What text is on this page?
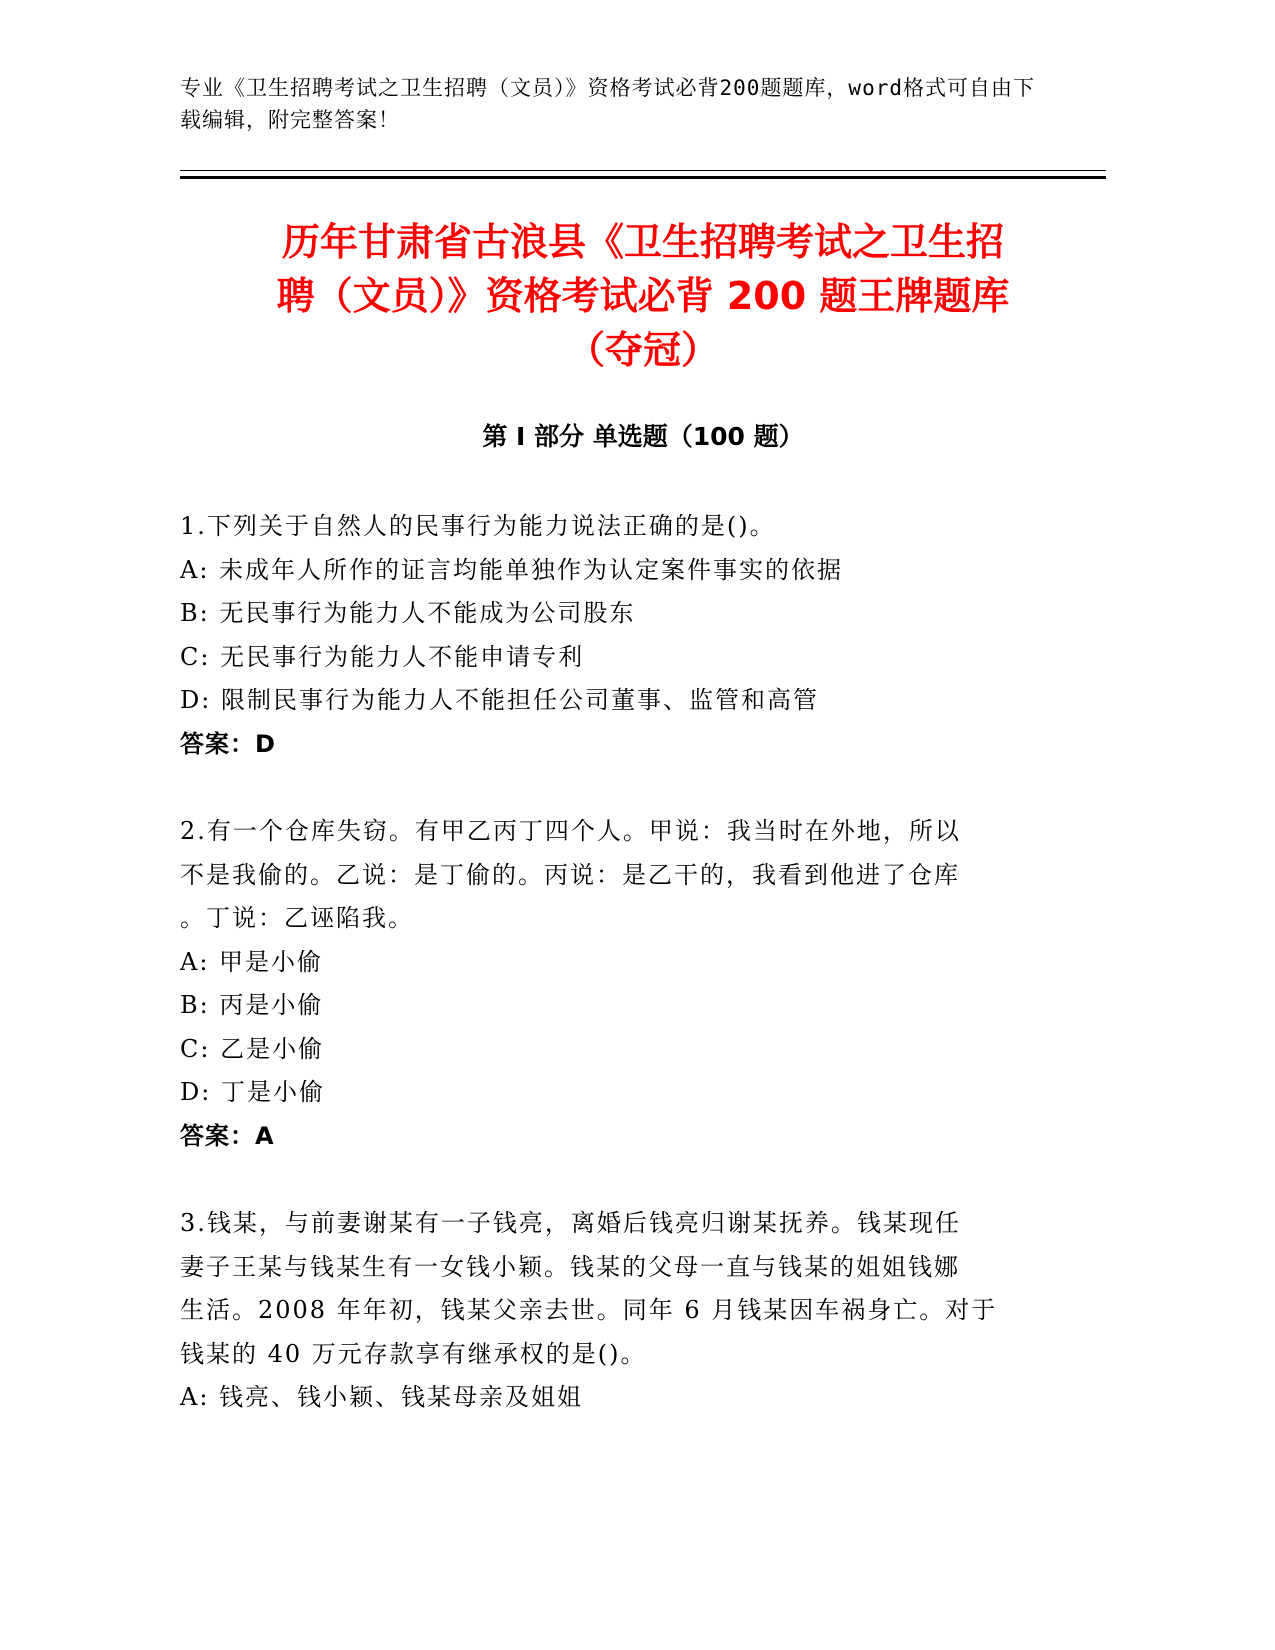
专业《卫生招聘考试之卫生招聘（文员）》资格考试必背200题题库，word格式可自由下载编辑，附完整答案！
历年甘肃省古浪县《卫生招聘考试之卫生招
聘（文员）》资格考试必背 200 题王牌题库
（夺冠）
第 I 部分 单选题（100 题）
1.下列关于自然人的民事行为能力说法正确的是()。
A: 未成年人所作的证言均能单独作为认定案件事实的依据
B: 无民事行为能力人不能成为公司股东
C: 无民事行为能力人不能申请专利
D: 限制民事行为能力人不能担任公司董事、监管和高管
答案：D
2.有一个仓库失窃。有甲乙丙丁四个人。甲说：我当时在外地，所以
不是我偷的。乙说：是丁偷的。丙说：是乙干的，我看到他进了仓库
。丁说：乙诬陷我。
A: 甲是小偷
B: 丙是小偷
C: 乙是小偷
D: 丁是小偷
答案：A
3.钱某，与前妻谢某有一子钱亮，离婚后钱亮归谢某抚养。钱某现任
妻子王某与钱某生有一女钱小颖。钱某的父母一直与钱某的姐姐钱娜
生活。2008 年年初，钱某父亲去世。同年 6 月钱某因车祸身亡。对于
钱某的 40 万元存款享有继承权的是()。
A: 钱亮、钱小颖、钱某母亲及姐姐
